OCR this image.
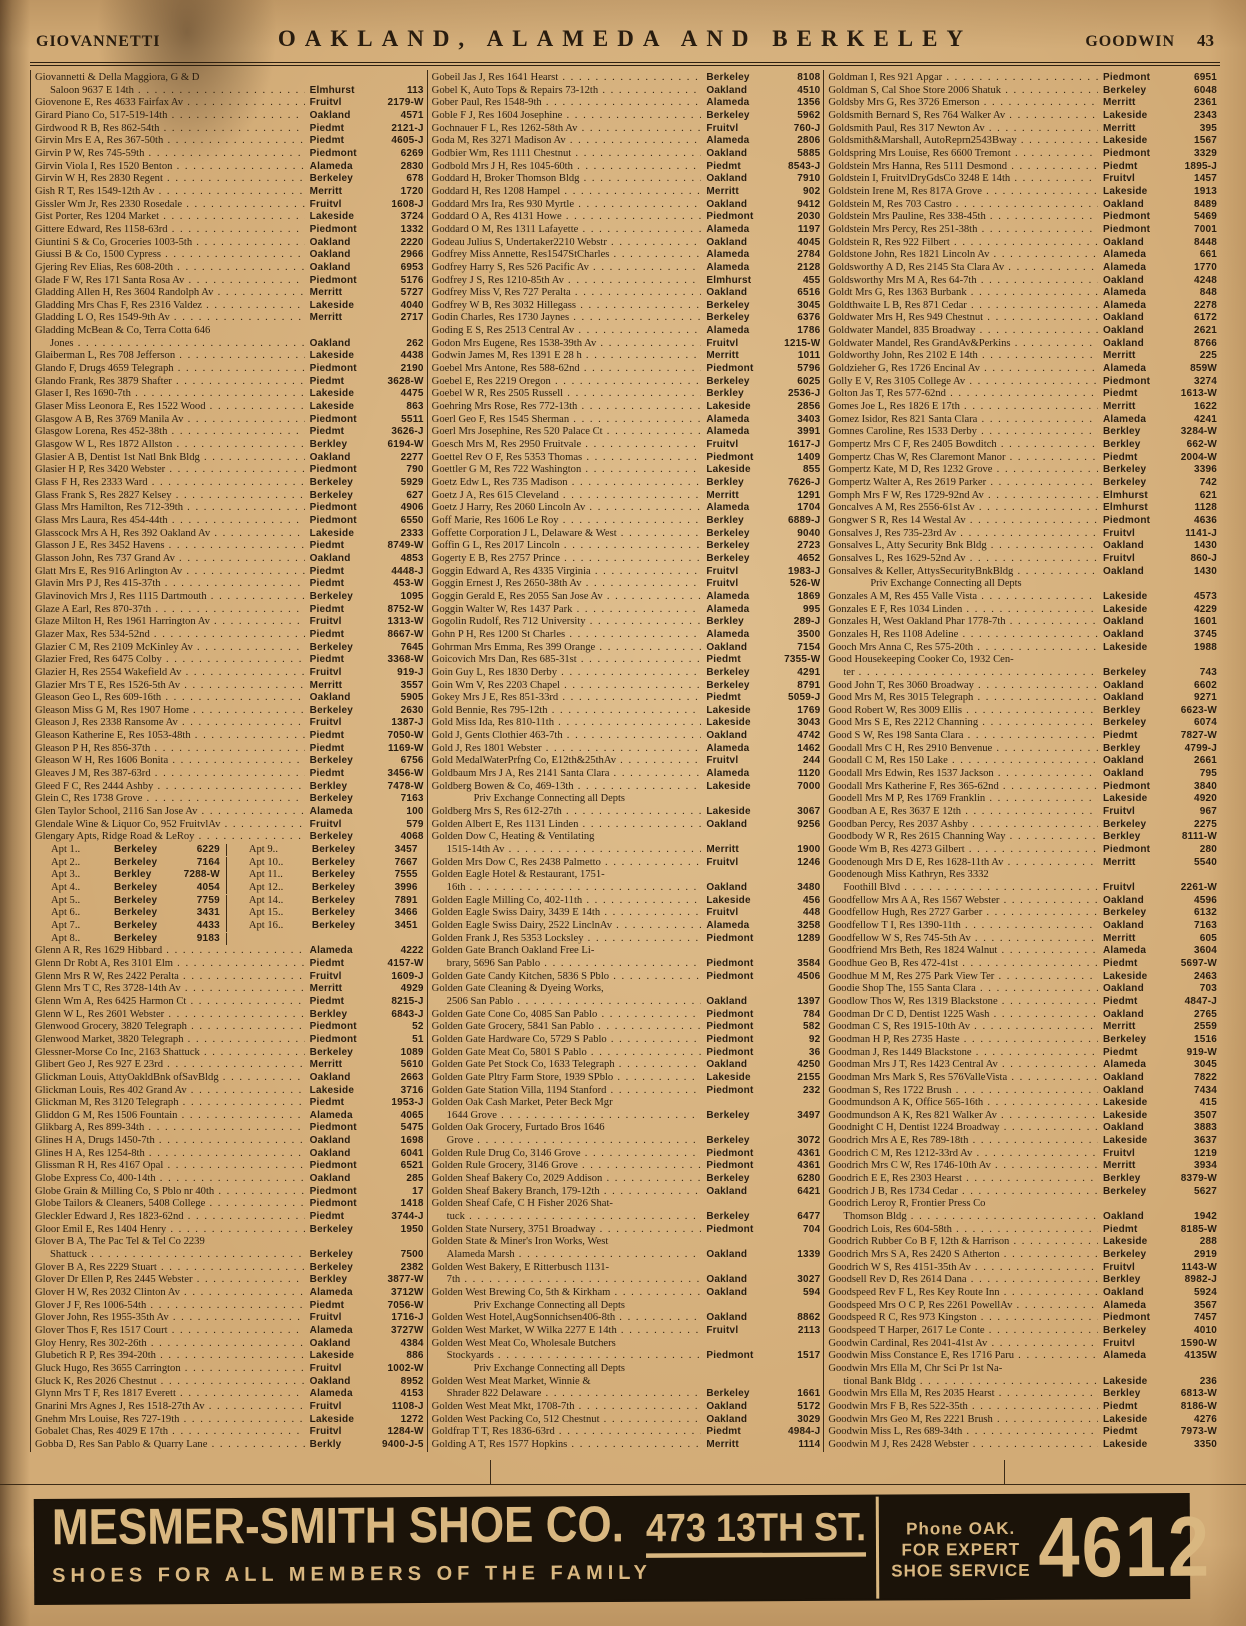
GIOVANNETTI	OAKLAND, ALAMEDA AND BERKELEY	GOODWIN 43
Giovannetti & Della Maggiora, G & D
Saloon 9637 E 14th . . .	Elmhurst	113
Giovenone E, Res 4633 Fairfax Av . . .	Fruitvl	2179-W
Girard Piano Co, 517-519-14th . . .	Oakland	4571
Girdwood R B, Res 862-54th . . .	Piedmt	2121-J
Girvin Mrs E A, Res 367-50th . . .	Piedmt	4605-J
Girvin P W, Res 745-59th . . .	Piedmont	6269
Girvin Viola I, Res 1520 Benton . . .	Alameda	2830
Girvin W H, Res 2830 Regent . . .	Berkeley	678
Gish R T, Res 1549-12th Av . . .	Merritt	1720
Gissler Wm Jr, Res 2330 Rosedale . . .	Fruitvl	1608-J
Gist Porter, Res 1204 Market . . .	Lakeside	3724
Gittere Edward, Res 1158-63rd . . .	Piedmont	1332
Giuntini S & Co, Groceries 1003-5th . . .	Oakland	2220
Giussi B & Co, 1500 Cypress . . .	Oakland	2966
Gjering Rev Elias, Res 608-20th . . .	Oakland	6953
Glade F W, Res 171 Santa Rosa Av . . .	Piedmont	5176
Gladding Allen H, Res 3604 Randolph Av . . .	Merritt	5727
Gladding Mrs Chas F, Res 2316 Valdez . . .	Lakeside	4040
Gladding L O, Res 1549-9th Av . . .	Merritt	2717
Gladding McBean & Co, Terra Cotta 646
Jones . . .	Oakland	262
Glaiberman L, Res 708 Jefferson . . .	Lakeside	4438
Glando F, Drugs 4659 Telegraph . . .	Piedmont	2190
Glando Frank, Res 3879 Shafter . . .	Piedmt	3628-W
Glaser I, Res 1690-7th . . .	Lakeside	4475
Glaser Miss Leonora E, Res 1522 Wood . . .	Lakeside	863
Glasgow A B, Res 3769 Manila Av . . .	Piedmont	5511
Glasgow Lorena, Res 452-38th . . .	Piedmt	3626-J
Glasgow W L, Res 1872 Allston . . .	Berkley	6194-W
Glasier A B, Dentist 1st Natl Bnk Bldg . . .	Oakland	2277
Glasier H P, Res 3420 Webster . . .	Piedmont	790
Glass F H, Res 2333 Ward . . .	Berkeley	5929
Glass Frank S, Res 2827 Kelsey . . .	Berkeley	627
Glass Mrs Hamilton, Res 712-39th . . .	Piedmont	4906
Glass Mrs Laura, Res 454-44th . . .	Piedmont	6550
Glasscock Mrs A H, Res 392 Oakland Av . . .	Lakeside	2333
Glasson J E, Res 3452 Havens . . .	Piedmt	8749-W
Glasson John, Res 737 Grand Av . . .	Oakland	4853
Glatt Mrs E, Res 916 Arlington Av . . .	Piedmt	4448-J
Glavin Mrs P J, Res 415-37th . . .	Piedmt	453-W
Glavinovich Mrs J, Res 1115 Dartmouth . . .	Berkeley	1095
Glaze A Earl, Res 870-37th . . .	Piedmt	8752-W
Glaze Milton H, Res 1961 Harrington Av . . .	Fruitvl	1313-W
Glazer Max, Res 534-52nd . . .	Piedmt	8667-W
Glazier C M, Res 2109 McKinley Av . . .	Berkeley	7645
Glazier Fred, Res 6475 Colby . . .	Piedmt	3368-W
Glazier H, Res 2554 Wakefield Av . . .	Fruitvl	919-J
Glazier Mrs T E, Res 1526-5th Av . . .	Merritt	3557
Gleason Geo L, Res 609-16th . . .	Oakland	5905
Gleason Miss G M, Res 1907 Home . . .	Berkeley	2630
Gleason J, Res 2338 Ransome Av . . .	Fruitvl	1387-J
Gleason Katherine E, Res 1053-48th . . .	Piedmt	7050-W
Gleason P H, Res 856-37th . . .	Piedmt	1169-W
Gleason W H, Res 1606 Bonita . . .	Berkeley	6756
Gleaves J M, Res 387-63rd . . .	Piedmt	3456-W
Gleed F C, Res 2444 Ashby . . .	Berkley	7478-W
Glein C, Res 1738 Grove . . .	Berkeley	7163
Glen Taylor School, 2116 San Jose Av . . .	Alameda	100
Glendale Wine & Liquor Co, 952 FruitvlAv . . .	Fruitvl	579
Glengary Apts, Ridge Road & LeRoy . . .	Berkeley	4068
Apt 1..	Berkeley	6229	Apt 9..	Berkeley	3457
Apt 2..	Berkeley	7164	Apt 10..	Berkeley	7667
Apt 3..	Berkley	7288-W	Apt 11..	Berkeley	7555
Apt 4..	Berkeley	4054	Apt 12..	Berkeley	3996
Apt 5..	Berkeley	7759	Apt 14..	Berkeley	7891
Apt 6..	Berkeley	3431	Apt 15..	Berkeley	3466
Apt 7..	Berkeley	4433	Apt 16..	Berkeley	3451
Apt 8..	Berkeley	9183
Glenn A R, Res 1629 Hibbard . . .	Alameda	4222
Glenn Dr Robt A, Res 3101 Elm . . .	Piedmt	4157-W
Glenn Mrs R W, Res 2422 Peralta . . .	Fruitvl	1609-J
Glenn Mrs T C, Res 3728-14th Av . . .	Merritt	4929
Glenn Wm A, Res 6425 Harmon Ct . . .	Piedmt	8215-J
Glenn W L, Res 2601 Webster . . .	Berkley	6843-J
Glenwood Grocery, 3820 Telegraph . . .	Piedmont	52
Glenwood Market, 3820 Telegraph . . .	Piedmont	51
Glessner-Morse Co Inc, 2163 Shattuck . . .	Berkeley	1089
Glibert Geo J, Res 927 E 23rd . . .	Merritt	5610
Glickman Louis, AttyOakldBnk ofSavBldg . . .	Oakland	2663
Glickman Louis, Res 402 Grand Av . . .	Lakeside	3716
Glickman M, Res 3120 Telegraph . . .	Piedmt	1953-J
Gliddon G M, Res 1506 Fountain . . .	Alameda	4065
Glikbarg A, Res 899-34th . . .	Piedmont	5475
Glines H A, Drugs 1450-7th . . .	Oakland	1698
Glines H A, Res 1254-8th . . .	Oakland	6041
Glissman R H, Res 4167 Opal . . .	Piedmont	6521
Globe Express Co, 400-14th . . .	Oakland	285
Globe Grain & Milling Co, S Pblo nr 40th . . .	Piedmont	17
Globe Tailors & Cleaners, 5408 College . . .	Piedmont	1418
Gleckler Edward J, Res 1823-62nd . . .	Piedmt	3744-J
Gloor Emil E, Res 1404 Henry . . .	Berkeley	1950
Glover B A, The Pac Tel & Tel Co 2239
Shattuck . . .	Berkeley	7500
Glover B A, Res 2229 Stuart . . .	Berkeley	2382
Glover Dr Ellen P, Res 2445 Webster . . .	Berkley	3877-W
Glover H W, Res 2032 Clinton Av . . .	Alameda	3712W
Glover J F, Res 1006-54th . . .	Piedmt	7056-W
Glover John, Res 1955-35th Av . . .	Fruitvl	1716-J
Glover Thos F, Res 1517 Court . . .	Alameda	3727W
Gloy Henry, Res 302-26th . . .	Oakland	4384
Glubetich R P, Res 394-20th . . .	Lakeside	886
Gluck Hugo, Res 3655 Carrington . . .	Fruitvl	1002-W
Gluck K, Res 2026 Chestnut . . .	Oakland	8952
Glynn Mrs T F, Res 1817 Everett . . .	Alameda	4153
Gnarini Mrs Agnes J, Res 1518-27th Av . . .	Fruitvl	1108-J
Gnehm Mrs Louise, Res 727-19th . . .	Lakeside	1272
Gobalet Chas, Res 4029 E 17th . . .	Fruitvl	1284-W
Gobba D, Res San Pablo & Quarry Lane . . .	Berkly	9400-J-5
Gobeil Jas J, Res 1641 Hearst . . .	Berkeley	8108
Gobel K, Auto Tops & Repairs 73-12th . . .	Oakland	4510
Gober Paul, Res 1548-9th . . .	Alameda	1356
Goble F J, Res 1604 Josephine . . .	Berkeley	5962
Gochnauer F L, Res 1262-58th Av . . .	Fruitvl	760-J
Goda M, Res 3271 Madison Av . . .	Alameda	2806
Godbier Wm, Res 1111 Chestnut . . .	Oakland	5885
Godbold Mrs J H, Res 1045-60th . . .	Piedmt	8543-J
Goddard H, Broker Thomson Bldg . . .	Oakland	7910
Goddard H, Res 1208 Hampel . . .	Merritt	902
Goddard Mrs Ira, Res 930 Myrtle . . .	Oakland	9412
Goddard O A, Res 4131 Howe . . .	Piedmont	2030
Goddard O M, Res 1311 Lafayette . . .	Alameda	1197
Godeau Julius S, Undertaker2210 Webstr . . .	Oakland	4045
Godfrey Miss Annette, Res1547StCharles . . .	Alameda	2784
Godfrey Harry S, Res 526 Pacific Av . . .	Alameda	2128
Godfrey J S, Res 1210-85th Av . . .	Elmhurst	455
Godfrey Miss V, Res 727 Peralta . . .	Oakland	6516
Godfrey W B, Res 3032 Hillegass . . .	Berkeley	3045
Godin Charles, Res 1730 Jaynes . . .	Berkeley	6376
Goding E S, Res 2513 Central Av . . .	Alameda	1786
Godon Mrs Eugene, Res 1538-39th Av . . .	Fruitvl	1215-W
Godwin James M, Res 1391 E 28 h . . .	Merritt	1011
Goebel Mrs Antone, Res 588-62nd . . .	Piedmont	5796
Goebel E, Res 2219 Oregon . . .	Berkeley	6025
Goebel W R, Res 2505 Russell . . .	Berkley	2536-J
Goehring Mrs Rose, Res 772-13th . . .	Lakeside	2856
Goerl Geo F, Res 1545 Sherman . . .	Alameda	3403
Goerl Mrs Josephine, Res 520 Palace Ct . . .	Alameda	3991
Goesch Mrs M, Res 2950 Fruitvale . . .	Fruitvl	1617-J
Goettel Rev O F, Res 5353 Thomas . . .	Piedmont	1409
Goettler G M, Res 722 Washington . . .	Lakeside	855
Goetz Edw L, Res 735 Madison . . .	Berkley	7626-J
Goetz J A, Res 615 Cleveland . . .	Merritt	1291
Goetz J Harry, Res 2060 Lincoln Av . . .	Alameda	1704
Goff Marie, Res 1606 Le Roy . . .	Berkley	6889-J
Goffette Corporation J L, Delaware & West . . .	Berkeley	9040
Goffin G L, Res 2017 Lincoln . . .	Berkeley	2723
Gogerty E B, Res 2757 Prince . . .	Berkeley	4652
Goggin Edward A, Res 4335 Virginia . . .	Fruitvl	1983-J
Goggin Ernest J, Res 2650-38th Av . . .	Fruitvl	526-W
Goggin Gerald E, Res 2055 San Jose Av . . .	Alameda	1869
Goggin Walter W, Res 1437 Park . . .	Alameda	995
Gogolin Rudolf, Res 712 University . . .	Berkley	289-J
Gohn P H, Res 1200 St Charles . . .	Alameda	3500
Gohrman Mrs Emma, Res 399 Orange . . .	Oakland	7154
Goicovich Mrs Dan, Res 685-31st . . .	Piedmt	7355-W
Goin Guy L, Res 1830 Derby . . .	Berkeley	4291
Goin Wm V, Res 2203 Chapel . . .	Berkeley	8791
Gokey Mrs J E, Res 851-33rd . . .	Piedmt	5059-J
Gold Bennie, Res 795-12th . . .	Lakeside	1769
Gold Miss Ida, Res 810-11th . . .	Lakeside	3043
Gold J, Gents Clothier 463-7th . . .	Oakland	4742
Gold J, Res 1801 Webster . . .	Alameda	1462
Gold MedalWaterPrfng Co, E12th&25thAv . . .	Fruitvl	244
Goldbaum Mrs J A, Res 2141 Santa Clara . . .	Alameda	1120
Goldberg Bowen & Co, 469-13th . . .	Lakeside	7000
Priv Exchange Connecting all Depts
Goldberg Mrs S, Res 612-27th . . .	Lakeside	3067
Golden Albert E, Res 1131 Linden . . .	Oakland	9256
Golden Dow C, Heating & Ventilating
1515-14th Av . . .	Merritt	1900
Golden Mrs Dow C, Res 2438 Palmetto . . .	Fruitvl	1246
Golden Eagle Hotel & Restaurant, 1751-
16th . . .	Oakland	3480
Golden Eagle Milling Co, 402-11th . . .	Lakeside	456
Golden Eagle Swiss Dairy, 3439 E 14th . . .	Fruitvl	448
Golden Eagle Swiss Dairy, 2522 LinclnAv . . .	Alameda	3258
Golden Frank J, Res 5353 Locksley . . .	Piedmont	1289
Golden Gate Branch Oakland Free Li-
brary, 5696 San Pablo . . .	Piedmont	3584
Golden Gate Candy Kitchen, 5836 S Pblo . . .	Piedmont	4506
Golden Gate Cleaning & Dyeing Works,
2506 San Pablo . . .	Oakland	1397
Golden Gate Cone Co, 4085 San Pablo . . .	Piedmont	784
Golden Gate Grocery, 5841 San Pablo . . .	Piedmont	582
Golden Gate Hardware Co, 5729 S Pablo . . .	Piedmont	92
Golden Gate Meat Co, 5801 S Pablo . . .	Piedmont	36
Golden Gate Pet Stock Co, 1633 Telegraph . . .	Oakland	4250
Golden Gate Pltry Farm Store, 1939 SPblo . . .	Lakeside	2155
Golden Gate Station Villa, 1194 Stanford . . .	Piedmont	232
Golden Oak Cash Market, Peter Beck Mgr
1644 Grove . . .	Berkeley	3497
Golden Oak Grocery, Furtado Bros 1646
Grove . . .	Berkeley	3072
Golden Rule Drug Co, 3146 Grove . . .	Piedmont	4361
Golden Rule Grocery, 3146 Grove . . .	Piedmont	4361
Golden Sheaf Bakery Co, 2029 Addison . . .	Berkeley	6280
Golden Sheaf Bakery Branch, 179-12th . . .	Oakland	6421
Golden Sheaf Cafe, C H Fisher 2026 Shat-
tuck . . .	Berkeley	6477
Golden State Nursery, 3751 Broadway . . .	Piedmont	704
Golden State & Miner's Iron Works, West
Alameda Marsh . . .	Oakland	1339
Golden West Bakery, E Ritterbusch 1131-
7th . . .	Oakland	3027
Golden West Brewing Co, 5th & Kirkham . . .	Oakland	594
Priv Exchange Connecting all Depts
Golden West Hotel,AugSonnichsen406-8th . . .	Oakland	8862
Golden West Market, W Wilka 2277 E 14th . . .	Fruitvl	2113
Golden West Meat Co, Wholesale Butchers
Stockyards . . .	Piedmont	1517
Priv Exchange Connecting all Depts
Golden West Meat Market, Winnie &
Shrader 822 Delaware . . .	Berkeley	1661
Golden West Meat Mkt, 1708-7th . . .	Oakland	5172
Golden West Packing Co, 512 Chestnut . . .	Oakland	3029
Goldfrap T T, Res 1836-63rd . . .	Piedmt	4984-J
Golding A T, Res 1577 Hopkins . . .	Merritt	1114
Goldman I, Res 921 Apgar . . .	Piedmont	6951
Goldman S, Cal Shoe Store 2006 Shatuk . . .	Berkeley	6048
Goldsby Mrs G, Res 3726 Emerson . . .	Merritt	2361
Goldsmith Bernard S, Res 764 Walker Av . . .	Lakeside	2343
Goldsmith Paul, Res 317 Newton Av . . .	Merritt	395
Goldsmith&Marshall, AutoReprn2543Bway . . .	Lakeside	1567
Goldspring Mrs Louise, Res 6600 Tremont . . .	Piedmont	3329
Goldstein Mrs Hanna, Res 5111 Desmond . . .	Piedmt	1895-J
Goldstein I, FruitvlDryGdsCo 3248 E 14th . . .	Fruitvl	1457
Goldstein Irene M, Res 817A Grove . . .	Lakeside	1913
Goldstein M, Res 703 Castro . . .	Oakland	8489
Goldstein Mrs Pauline, Res 338-45th . . .	Piedmont	5469
Goldstein Mrs Percy, Res 251-38th . . .	Piedmont	7001
Goldstein R, Res 922 Filbert . . .	Oakland	8448
Goldstone John, Res 1821 Lincoln Av . . .	Alameda	661
Goldsworthy A D, Res 2145 Sta Clara Av . . .	Alameda	1770
Goldsworthy Mrs M A, Res 64-7th . . .	Oakland	4248
Goldt Mrs G, Res 1363 Burbank . . .	Alameda	848
Goldthwaite L B, Res 871 Cedar . . .	Alameda	2278
Goldwater Mrs H, Res 949 Chestnut . . .	Oakland	6172
Goldwater Mandel, 835 Broadway . . .	Oakland	2621
Goldwater Mandel, Res GrandAv&Perkins . . .	Oakland	8766
Goldworthy John, Res 2102 E 14th . . .	Merritt	225
Goldzieher G, Res 1726 Encinal Av . . .	Alameda	859W
Golly E V, Res 3105 College Av . . .	Piedmont	3274
Golton Jas T, Res 577-62nd . . .	Piedmt	1613-W
Gomes Joe L, Res 1826 E 17th . . .	Merritt	1622
Gomez Isidor, Res 821 Santa Clara . . .	Alameda	4241
Gomnes Caroline, Res 1533 Derby . . .	Berkley	3284-W
Gompertz Mrs C F, Res 2405 Bowditch . . .	Berkley	662-W
Gompertz Chas W, Res Claremont Manor . . .	Piedmt	2004-W
Gompertz Kate, M D, Res 1232 Grove . . .	Berkeley	3396
Gompertz Walter A, Res 2619 Parker . . .	Berkeley	742
Gomph Mrs F W, Res 1729-92nd Av . . .	Elmhurst	621
Goncalves A M, Res 2556-61st Av . . .	Elmhurst	1128
Gongwer S R, Res 14 Westal Av . . .	Piedmont	4636
Gonsalves J, Res 735-23rd Av . . .	Fruitvl	1141-J
Gonsalves L, Atty Security Bnk Bldg . . .	Oakland	1430
Gonsalves L, Res 1629-52nd Av . . .	Fruitvl	860-J
Gonsalves & Keller, AttysSecurityBnkBldg . . .	Oakland	1430
Priv Exchange Connecting all Depts
Gonzales A M, Res 455 Valle Vista . . .	Lakeside	4573
Gonzales E F, Res 1034 Linden . . .	Lakeside	4229
Gonzales H, West Oakland Phar 1778-7th . . .	Oakland	1601
Gonzales H, Res 1108 Adeline . . .	Oakland	3745
Gooch Mrs Anna C, Res 575-20th . . .	Lakeside	1988
Good Housekeeping Cooker Co, 1932 Cen-
ter . . .	Berkeley	743
Good John T, Res 3060 Broadway . . .	Oakland	6602
Good Mrs M, Res 3015 Telegraph . . .	Oakland	9271
Good Robert W, Res 3009 Ellis . . .	Berkley	6623-W
Good Mrs S E, Res 2212 Channing . . .	Berkeley	6074
Good S W, Res 198 Santa Clara . . .	Piedmt	7827-W
Goodall Mrs C H, Res 2910 Benvenue . . .	Berkley	4799-J
Goodall C M, Res 150 Lake . . .	Oakland	2661
Goodall Mrs Edwin, Res 1537 Jackson . . .	Oakland	795
Goodall Mrs Katherine F, Res 365-62nd . . .	Piedmont	3840
Goodell Mrs M P, Res 1769 Franklin . . .	Lakeside	4920
Goodban A E, Res 3637 E 12th . . .	Fruitvl	967
Goodban Percy, Res 2037 Ashby . . .	Berkeley	2275
Goodbody W R, Res 2615 Channing Way . . .	Berkley	8111-W
Goode Wm B, Res 4273 Gilbert . . .	Piedmont	280
Goodenough Mrs D E, Res 1628-11th Av . . .	Merritt	5540
Goodenough Miss Kathryn, Res 3332
Foothill Blvd . . .	Fruitvl	2261-W
Goodfellow Mrs A A, Res 1567 Webster . . .	Oakland	4596
Goodfellow Hugh, Res 2727 Garber . . .	Berkeley	6132
Goodfellow T I, Res 1390-11th . . .	Oakland	7163
Goodfellow W S, Res 745-5th Av . . .	Merritt	605
Goodfriend Mrs Beth, Res 1824 Walnut . . .	Alameda	3604
Goodhue Geo B, Res 472-41st . . .	Piedmt	5697-W
Goodhue M M, Res 275 Park View Ter . . .	Lakeside	2463
Goodie Shop The, 155 Santa Clara . . .	Oakland	703
Goodlow Thos W, Res 1319 Blackstone . . .	Piedmt	4847-J
Goodman Dr C D, Dentist 1225 Wash . . .	Oakland	2765
Goodman C S, Res 1915-10th Av . . .	Merritt	2559
Goodman H P, Res 2735 Haste . . .	Berkeley	1516
Goodman J, Res 1449 Blackstone . . .	Piedmt	919-W
Goodman Mrs J T, Res 1423 Central Av . . .	Alameda	3045
Goodman Mrs Mark S, Res 576ValleVista . . .	Oakland	7822
Goodman S, Res 1722 Brush . . .	Oakland	7434
Goodmundson A K, Office 565-16th . . .	Lakeside	415
Goodmundson A K, Res 821 Walker Av . . .	Lakeside	3507
Goodnight C H, Dentist 1224 Broadway . . .	Oakland	3883
Goodrich Mrs A E, Res 789-18th . . .	Lakeside	3637
Goodrich C M, Res 1212-33rd Av . . .	Fruitvl	1219
Goodrich Mrs C W, Res 1746-10th Av . . .	Merritt	3934
Goodrich E E, Res 2303 Hearst . . .	Berkley	8379-W
Goodrich J B, Res 1734 Cedar . . .	Berkeley	5627
Goodrich Leroy R, Frontier Press Co
Thomson Bldg . . .	Oakland	1942
Goodrich Lois, Res 604-58th . . .	Piedmt	8185-W
Goodrich Rubber Co B F, 12th & Harrison . . .	Lakeside	288
Goodrich Mrs S A, Res 2420 S Atherton . . .	Berkeley	2919
Goodrich W S, Res 4151-35th Av . . .	Fruitvl	1143-W
Goodsell Rev D, Res 2614 Dana . . .	Berkley	8982-J
Goodspeed Rev F L, Res Key Route Inn . . .	Oakland	5924
Goodspeed Mrs O C P, Res 2261 PowellAv . . .	Alameda	3567
Goodspeed R C, Res 973 Kingston . . .	Piedmont	7457
Goodspeed T Harper, 2617 Le Conte . . .	Berkeley	4010
Goodwin Cardinal, Res 2041-41st Av . . .	Fruitvl	1590-W
Goodwin Miss Constance E, Res 1716 Paru . . .	Alameda	4135W
Goodwin Mrs Ella M, Chr Sci Pr 1st Na-
tional Bank Bldg . . .	Lakeside	236
Goodwin Mrs Ella M, Res 2035 Hearst . . .	Berkley	6813-W
Goodwin Mrs F B, Res 522-35th . . .	Piedmt	8186-W
Goodwin Mrs Geo M, Res 2221 Brush . . .	Lakeside	4276
Goodwin Miss L, Res 689-34th . . .	Piedmt	7973-W
Goodwin M J, Res 2428 Webster . . .	Lakeside	3350
MESMER-SMITH SHOE CO. 473 13TH ST.
SHOES FOR ALL MEMBERS OF THE FAMILY
Phone OAK.
FOR EXPERT
SHOE SERVICE 4612
